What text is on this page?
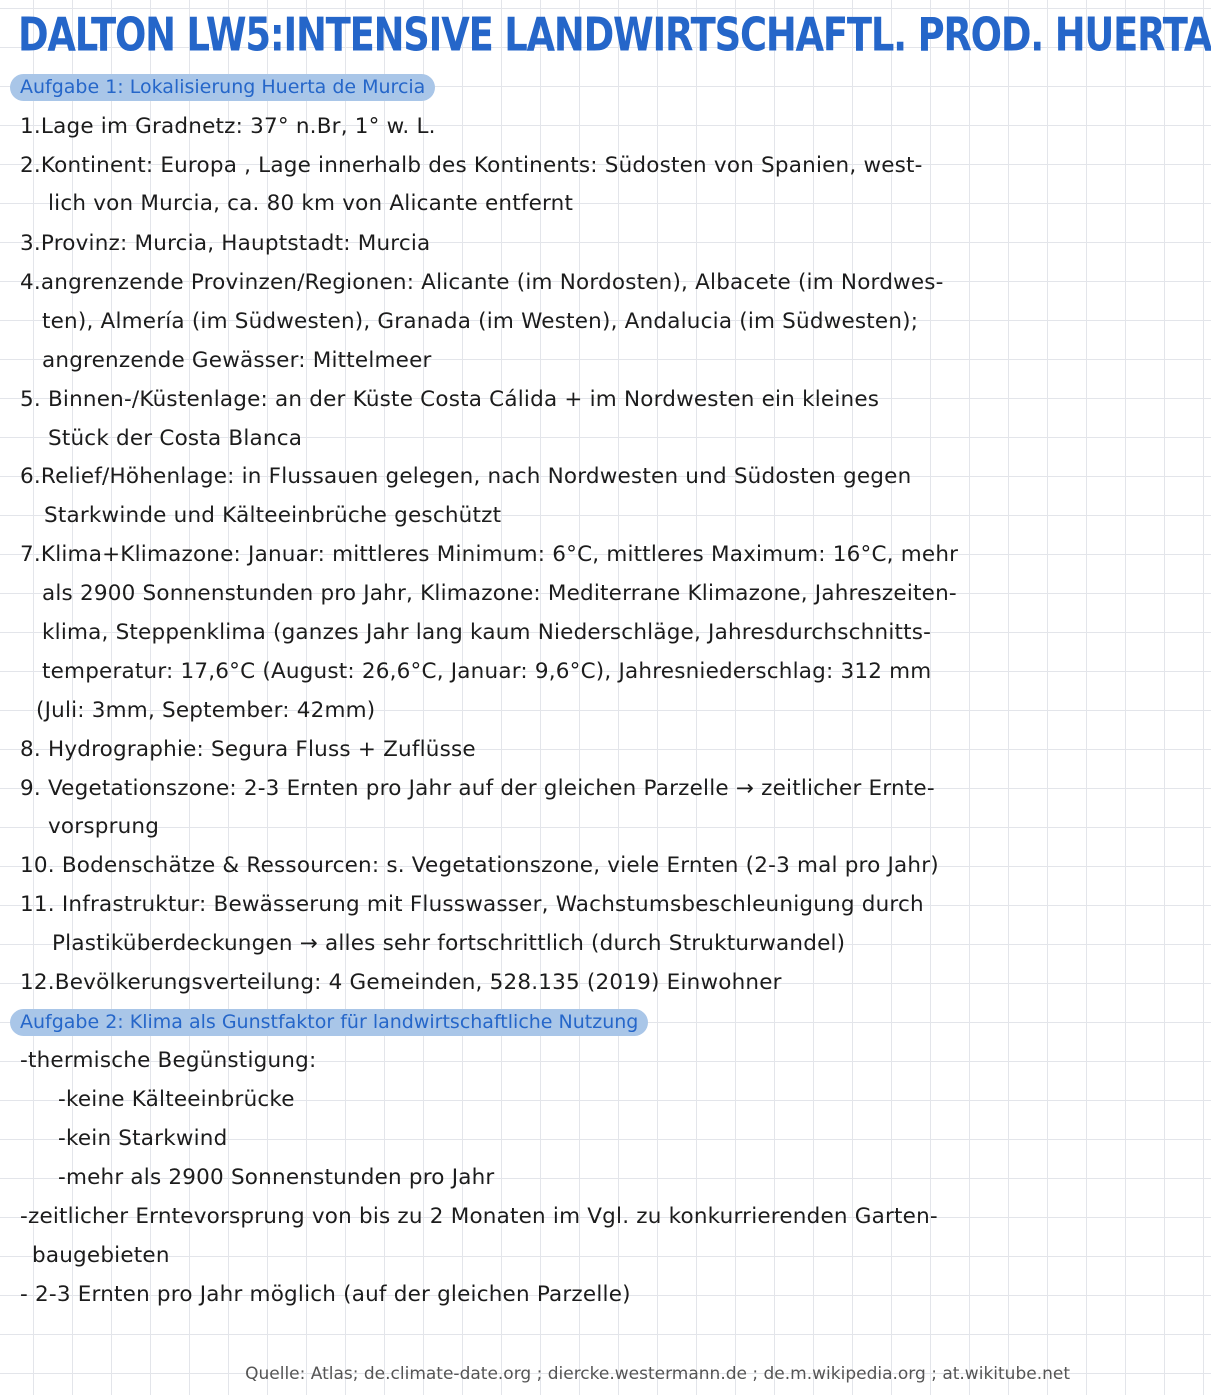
DALTON LW5:INTENSIVE LANDWIRTSCHAFTL. PROD. HUERTA
Aufgabe 1: Lokalisierung Huerta de Murcia
1.Lage im Gradnetz: 37° n.Br, 1° w. L.
2.Kontinent: Europa , Lage innerhalb des Kontinents: Südosten von Spanien, west-
lich von Murcia, ca. 80 km von Alicante entfernt
3.Provinz: Murcia, Hauptstadt: Murcia
4.angrenzende Provinzen/Regionen: Alicante (im Nordosten), Albacete (im Nordwes-
ten), Almería (im Südwesten), Granada (im Westen), Andalucia (im Südwesten);
angrenzende Gewässer: Mittelmeer
5. Binnen-/Küstenlage: an der Küste Costa Cálida + im Nordwesten ein kleines
Stück der Costa Blanca
6.Relief/Höhenlage: in Flussauen gelegen, nach Nordwesten und Südosten gegen
Starkwinde und Kälteeinbrüche geschützt
7.Klima+Klimazone: Januar: mittleres Minimum: 6°C, mittleres Maximum: 16°C, mehr
als 2900 Sonnenstunden pro Jahr, Klimazone: Mediterrane Klimazone, Jahreszeiten-
klima, Steppenklima (ganzes Jahr lang kaum Niederschläge, Jahresdurchschnitts-
temperatur: 17,6°C (August: 26,6°C, Januar: 9,6°C), Jahresniederschlag: 312 mm
(Juli: 3mm, September: 42mm)
8. Hydrographie: Segura Fluss + Zuflüsse
9. Vegetationszone: 2-3 Ernten pro Jahr auf der gleichen Parzelle → zeitlicher Ernte-
vorsprung
10. Bodenschätze & Ressourcen: s. Vegetationszone, viele Ernten (2-3 mal pro Jahr)
11. Infrastruktur: Bewässerung mit Flusswasser, Wachstumsbeschleunigung durch
Plastiküberdeckungen → alles sehr fortschrittlich (durch Strukturwandel)
12.Bevölkerungsverteilung: 4 Gemeinden, 528.135 (2019) Einwohner
Aufgabe 2: Klima als Gunstfaktor für landwirtschaftliche Nutzung
-thermische Begünstigung:
-keine Kälteeinbrücke
-kein Starkwind
-mehr als 2900 Sonnenstunden pro Jahr
-zeitlicher Erntevorsprung von bis zu 2 Monaten im Vgl. zu konkurrierenden Garten-
baugebieten
- 2-3 Ernten pro Jahr möglich (auf der gleichen Parzelle)
Quelle: Atlas; de.climate-date.org ; diercke.westermann.de ; de.m.wikipedia.org ; at.wikitube.net
